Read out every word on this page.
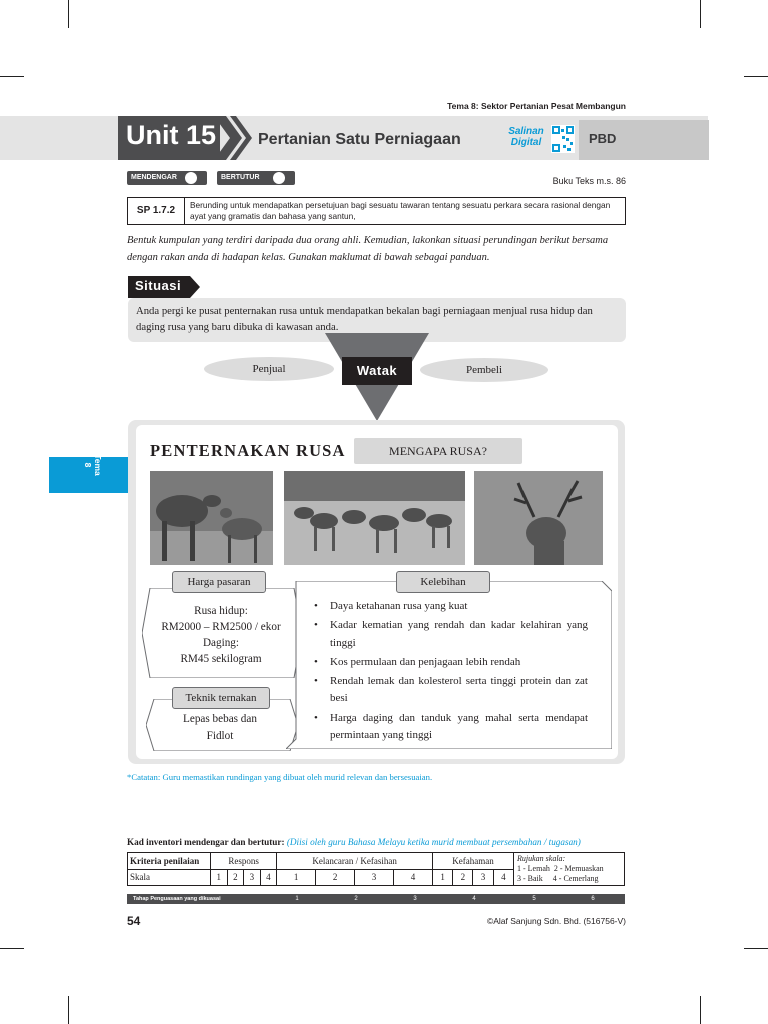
Tema 8: Sektor Pertanian Pesat Membangun
Unit 15	Pertanian Satu Perniagaan	Salinan Digital	PBD
MENDENGAR	BERTUTUR	Buku Teks m.s. 86
SP 1.7.2	Berunding untuk mendapatkan persetujuan bagi sesuatu tawaran tentang sesuatu perkara secara rasional dengan ayat yang gramatis dan bahasa yang santun,
Bentuk kumpulan yang terdiri daripada dua orang ahli. Kemudian, lakonkan situasi perundingan berikut bersama dengan rakan anda di hadapan kelas. Gunakan maklumat di bawah sebagai panduan.
Anda pergi ke pusat penternakan rusa untuk mendapatkan bekalan bagi perniagaan menjual rusa hidup dan daging rusa yang baru dibuka di kawasan anda.
Situasi
Penjual	Pembeli
Watak
Tema 8
PENTERNAKAN RUSA	MENGAPA RUSA?
Harga pasaran
Rusa hidup:
RM2000 – RM2500 / ekor
Daging:
RM45 sekilogram
Teknik ternakan
Lepas bebas dan
Fidlot
Kelebihan
• Daya ketahanan rusa yang kuat
• Kadar kematian yang rendah dan kadar kelahiran yang tinggi
• Kos permulaan dan penjagaan lebih rendah
• Rendah lemak dan kolesterol serta tinggi protein dan zat besi
• Harga daging dan tanduk yang mahal serta mendapat permintaan yang tinggi
*Catatan: Guru memastikan rundingan yang dibuat oleh murid relevan dan bersesuaian.
Kad inventori mendengar dan bertutur: (Diisi oleh guru Bahasa Melayu ketika murid membuat persembahan / tugasan)
Kriteria penilaian	Respons				Kelancaran / Kefasihan				Kefahaman				Rujukan skala:
1 - Lemah 2 - Memuaskan
3 - Baik 4 - Cemerlang
Skala	1	2	3	4	1	2	3	4	1	2	3	4	
Tahap Penguasaan yang dikuasai	1	2	3	4	5	6
54	©Alaf Sanjung Sdn. Bhd. (516756-V)
